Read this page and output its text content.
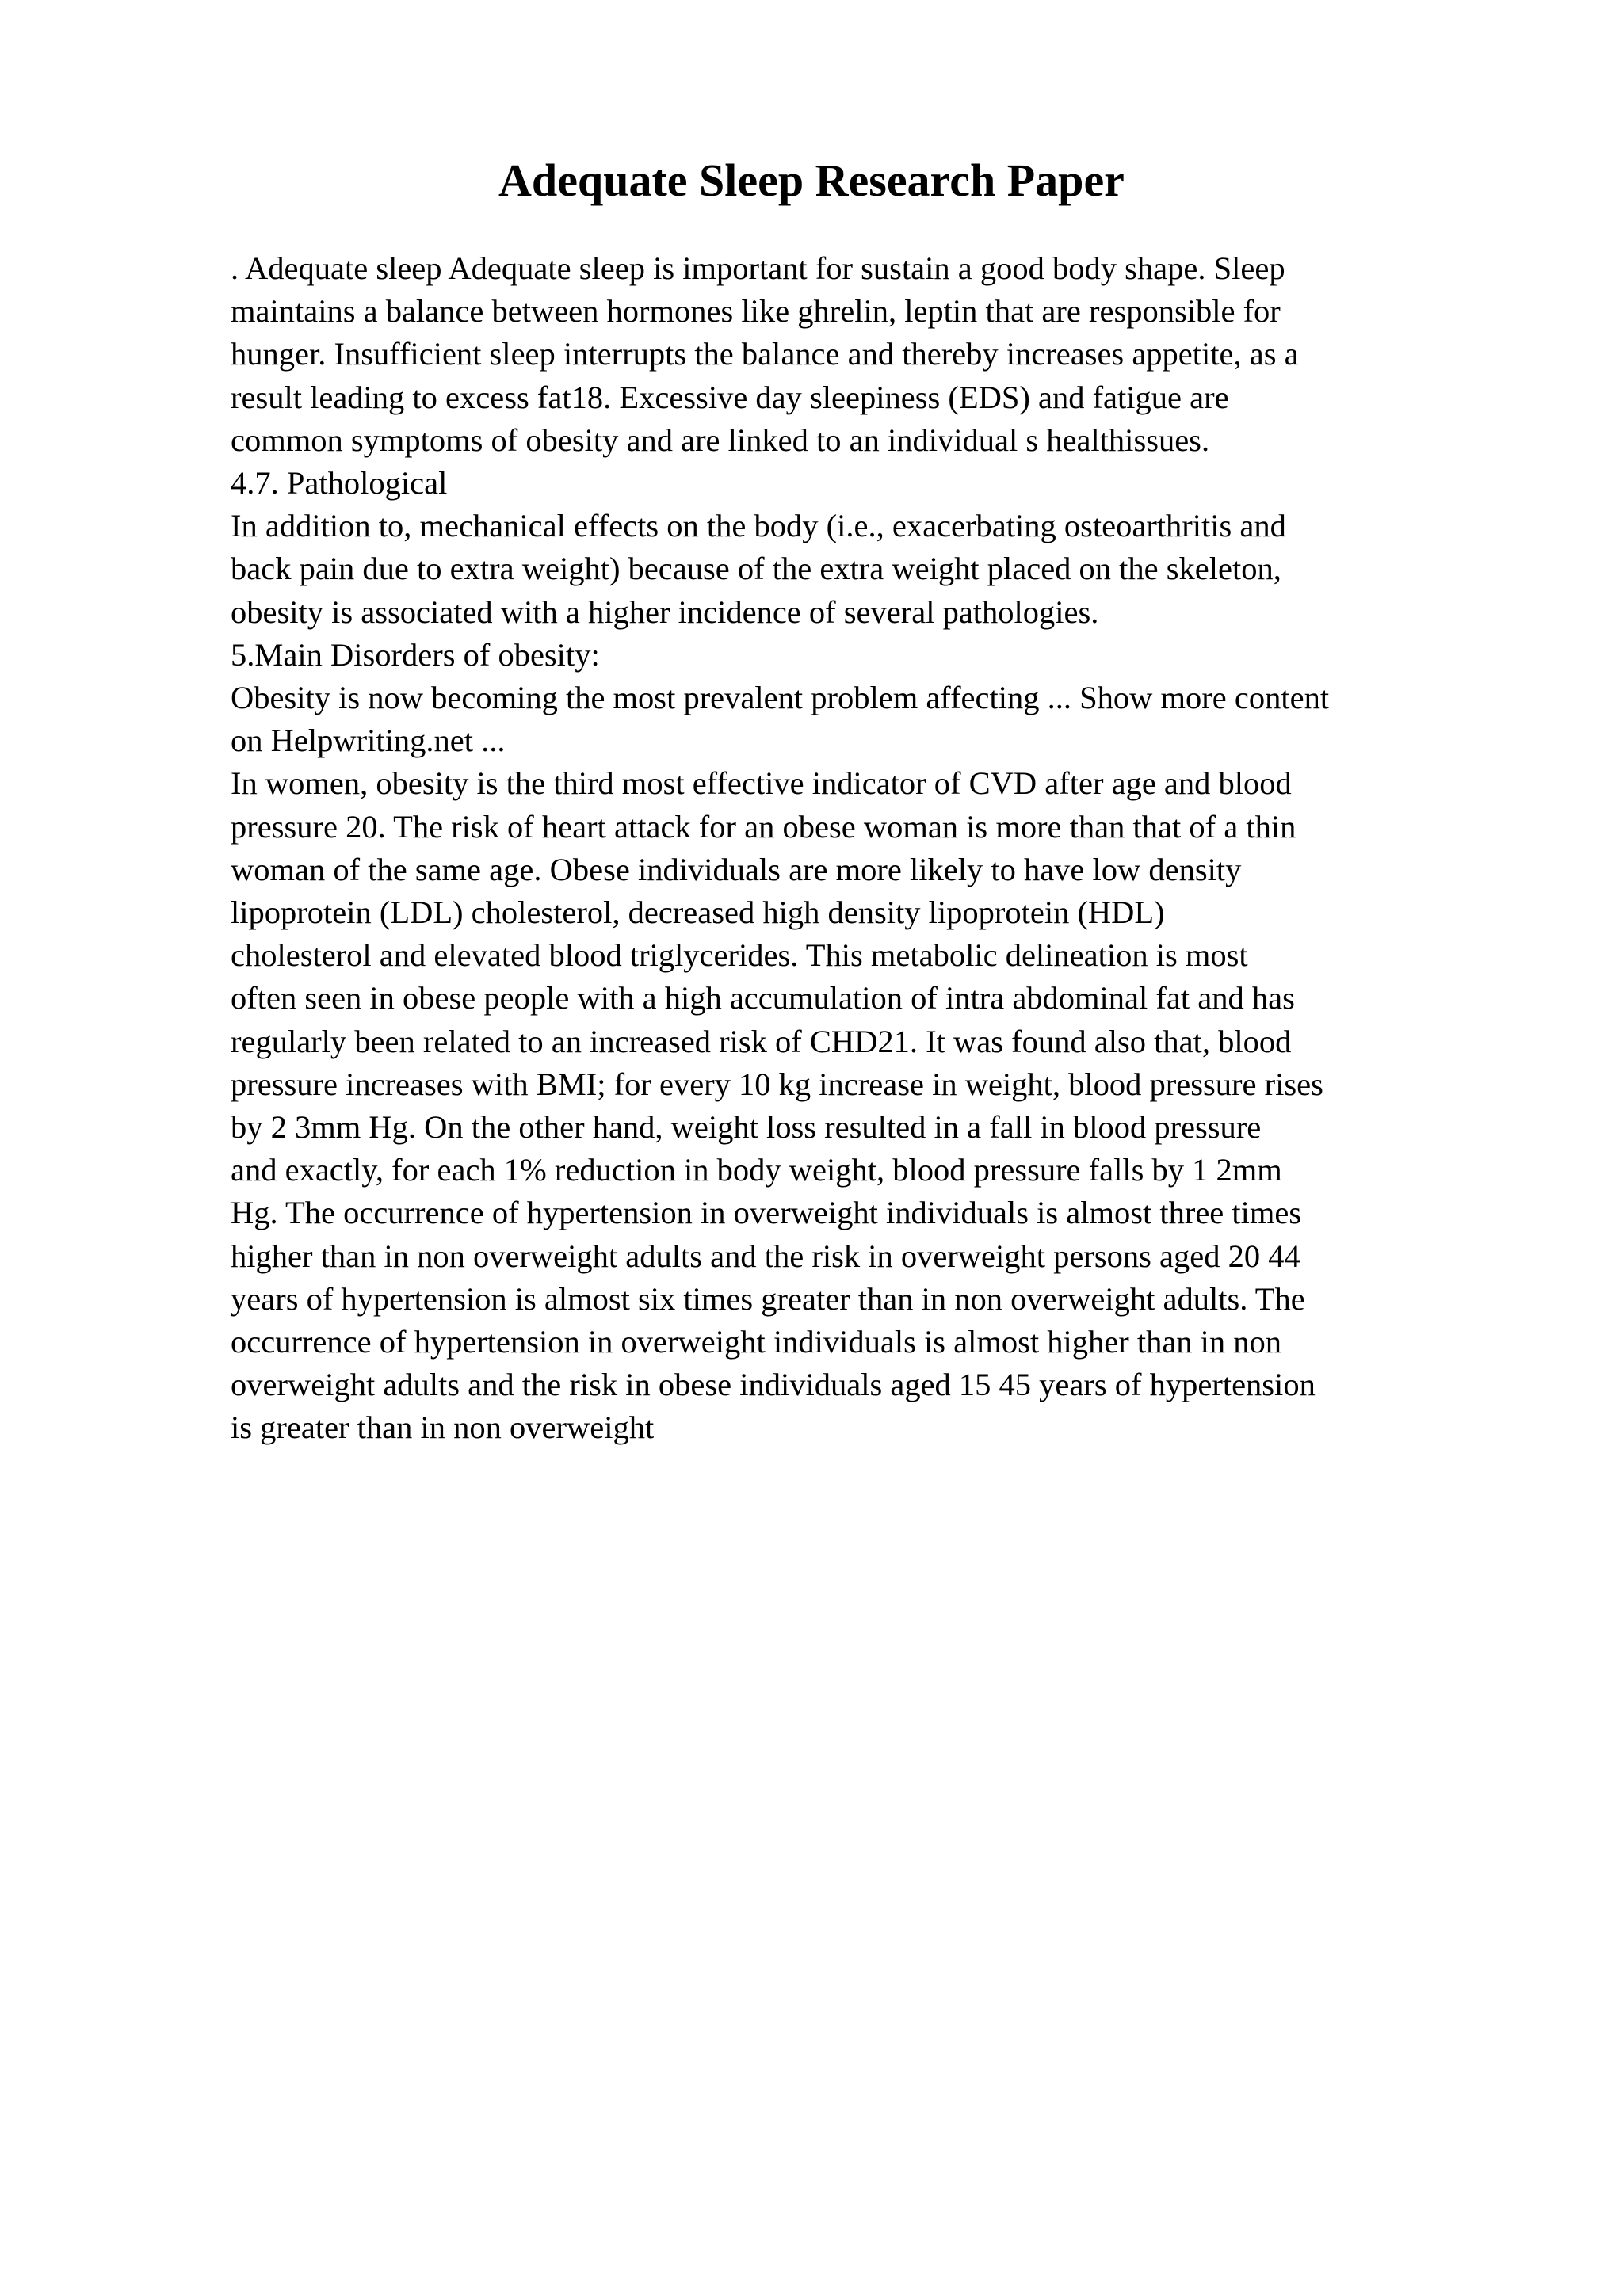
Adequate Sleep Research Paper
. Adequate sleep Adequate sleep is important for sustain a good body shape. Sleep
maintains a balance between hormones like ghrelin, leptin that are responsible for
hunger. Insufficient sleep interrupts the balance and thereby increases appetite, as a
result leading to excess fat18. Excessive day sleepiness (EDS) and fatigue are
common symptoms of obesity and are linked to an individual s healthissues.
4.7. Pathological
In addition to, mechanical effects on the body (i.e., exacerbating osteoarthritis and
back pain due to extra weight) because of the extra weight placed on the skeleton,
obesity is associated with a higher incidence of several pathologies.
5.Main Disorders of obesity:
Obesity is now becoming the most prevalent problem affecting ... Show more content
on Helpwriting.net ...
In women, obesity is the third most effective indicator of CVD after age and blood
pressure 20. The risk of heart attack for an obese woman is more than that of a thin
woman of the same age. Obese individuals are more likely to have low density
lipoprotein (LDL) cholesterol, decreased high density lipoprotein (HDL)
cholesterol and elevated blood triglycerides. This metabolic delineation is most
often seen in obese people with a high accumulation of intra abdominal fat and has
regularly been related to an increased risk of CHD21. It was found also that, blood
pressure increases with BMI; for every 10 kg increase in weight, blood pressure rises
by 2 3mm Hg. On the other hand, weight loss resulted in a fall in blood pressure
and exactly, for each 1% reduction in body weight, blood pressure falls by 1 2mm
Hg. The occurrence of hypertension in overweight individuals is almost three times
higher than in non overweight adults and the risk in overweight persons aged 20 44
years of hypertension is almost six times greater than in non overweight adults. The
occurrence of hypertension in overweight individuals is almost higher than in non
overweight adults and the risk in obese individuals aged 15 45 years of hypertension
is greater than in non overweight
